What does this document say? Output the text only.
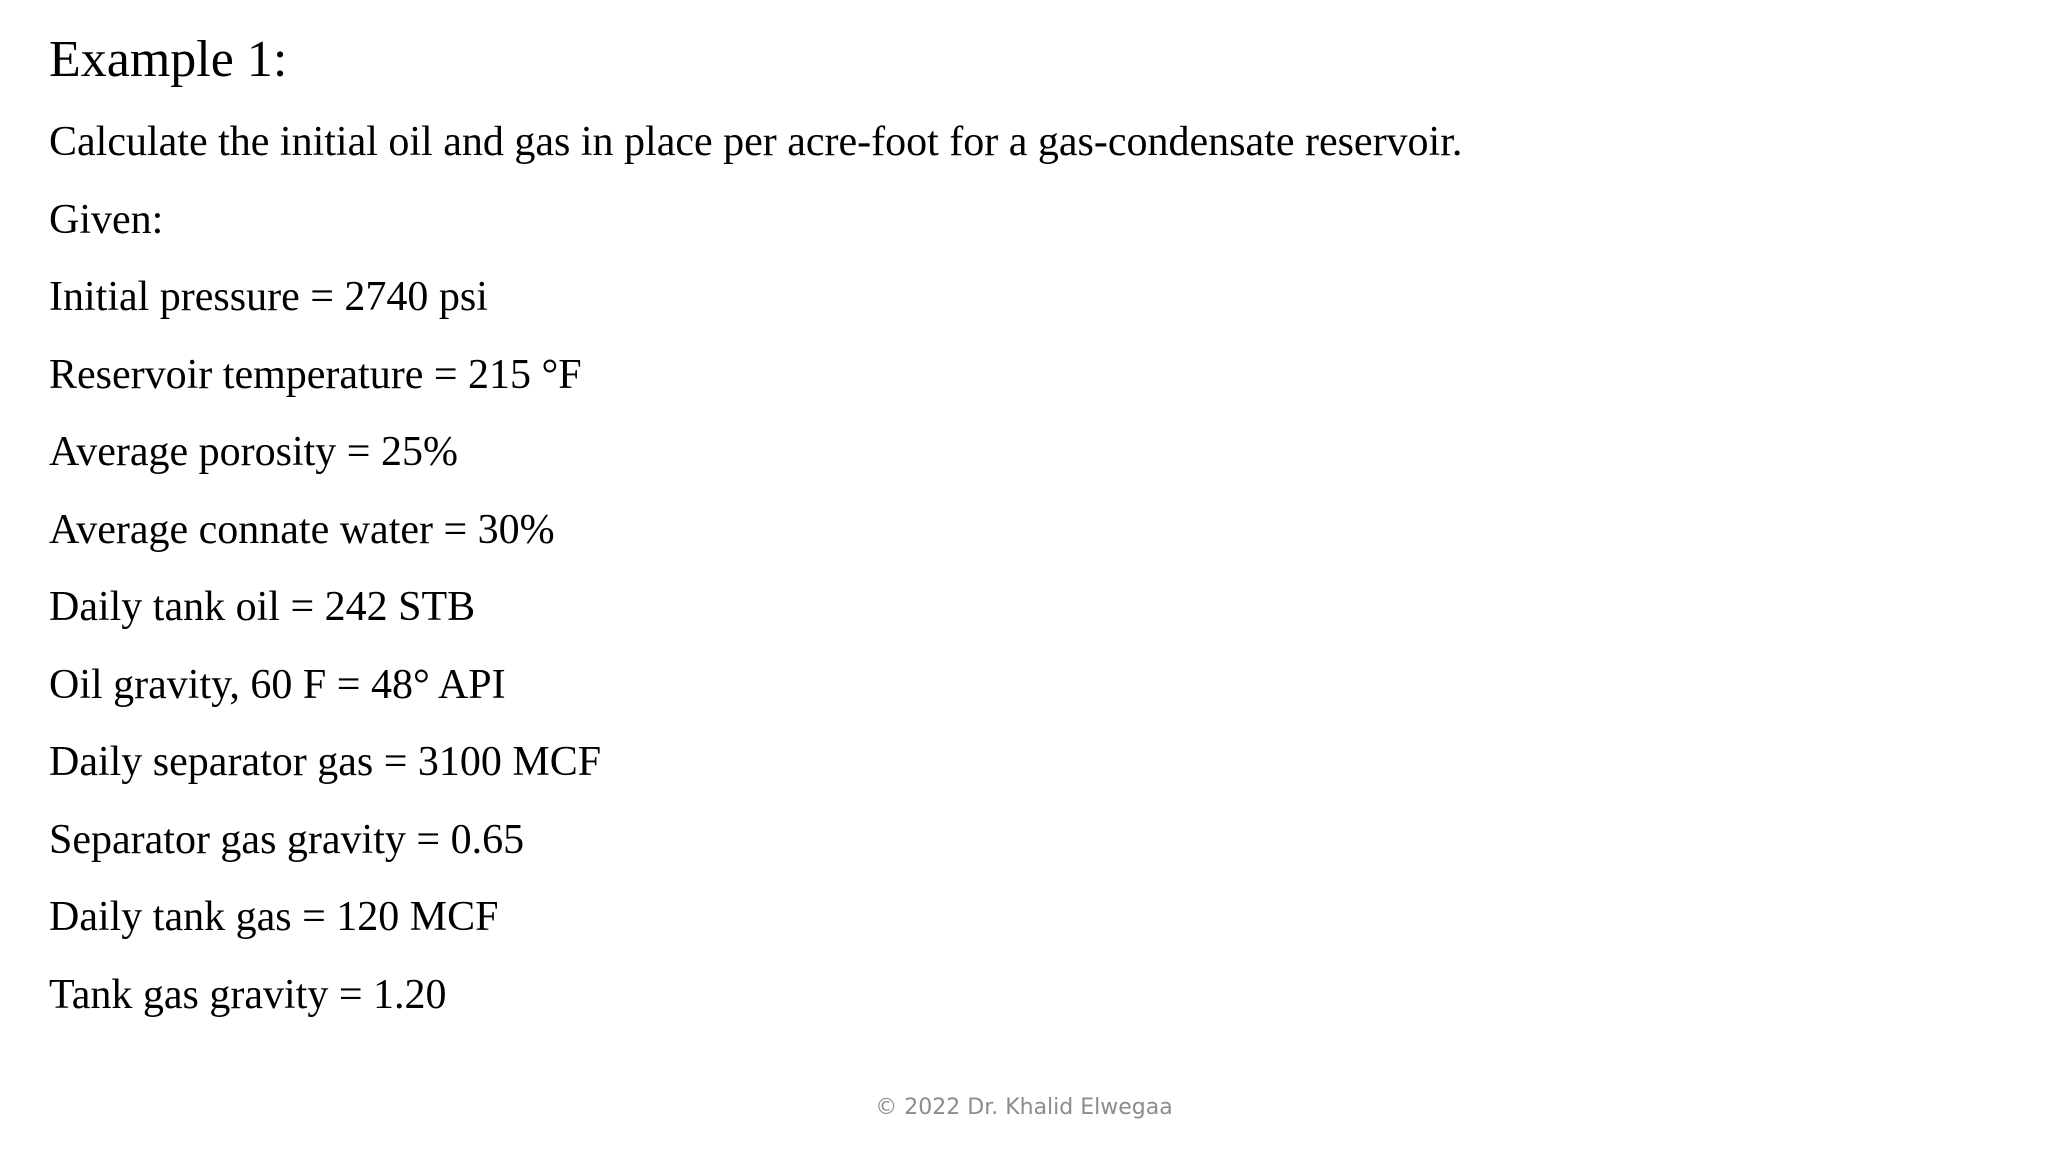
Example 1:
Calculate the initial oil and gas in place per acre-foot for a gas-condensate reservoir.
Given:
Initial pressure = 2740 psi
Reservoir temperature = 215 °F
Average porosity = 25%
Average connate water = 30%
Daily tank oil = 242 STB
Oil gravity, 60 F = 48° API
Daily separator gas = 3100 MCF
Separator gas gravity = 0.65
Daily tank gas = 120 MCF
Tank gas gravity = 1.20
© 2022 Dr. Khalid Elwegaa
